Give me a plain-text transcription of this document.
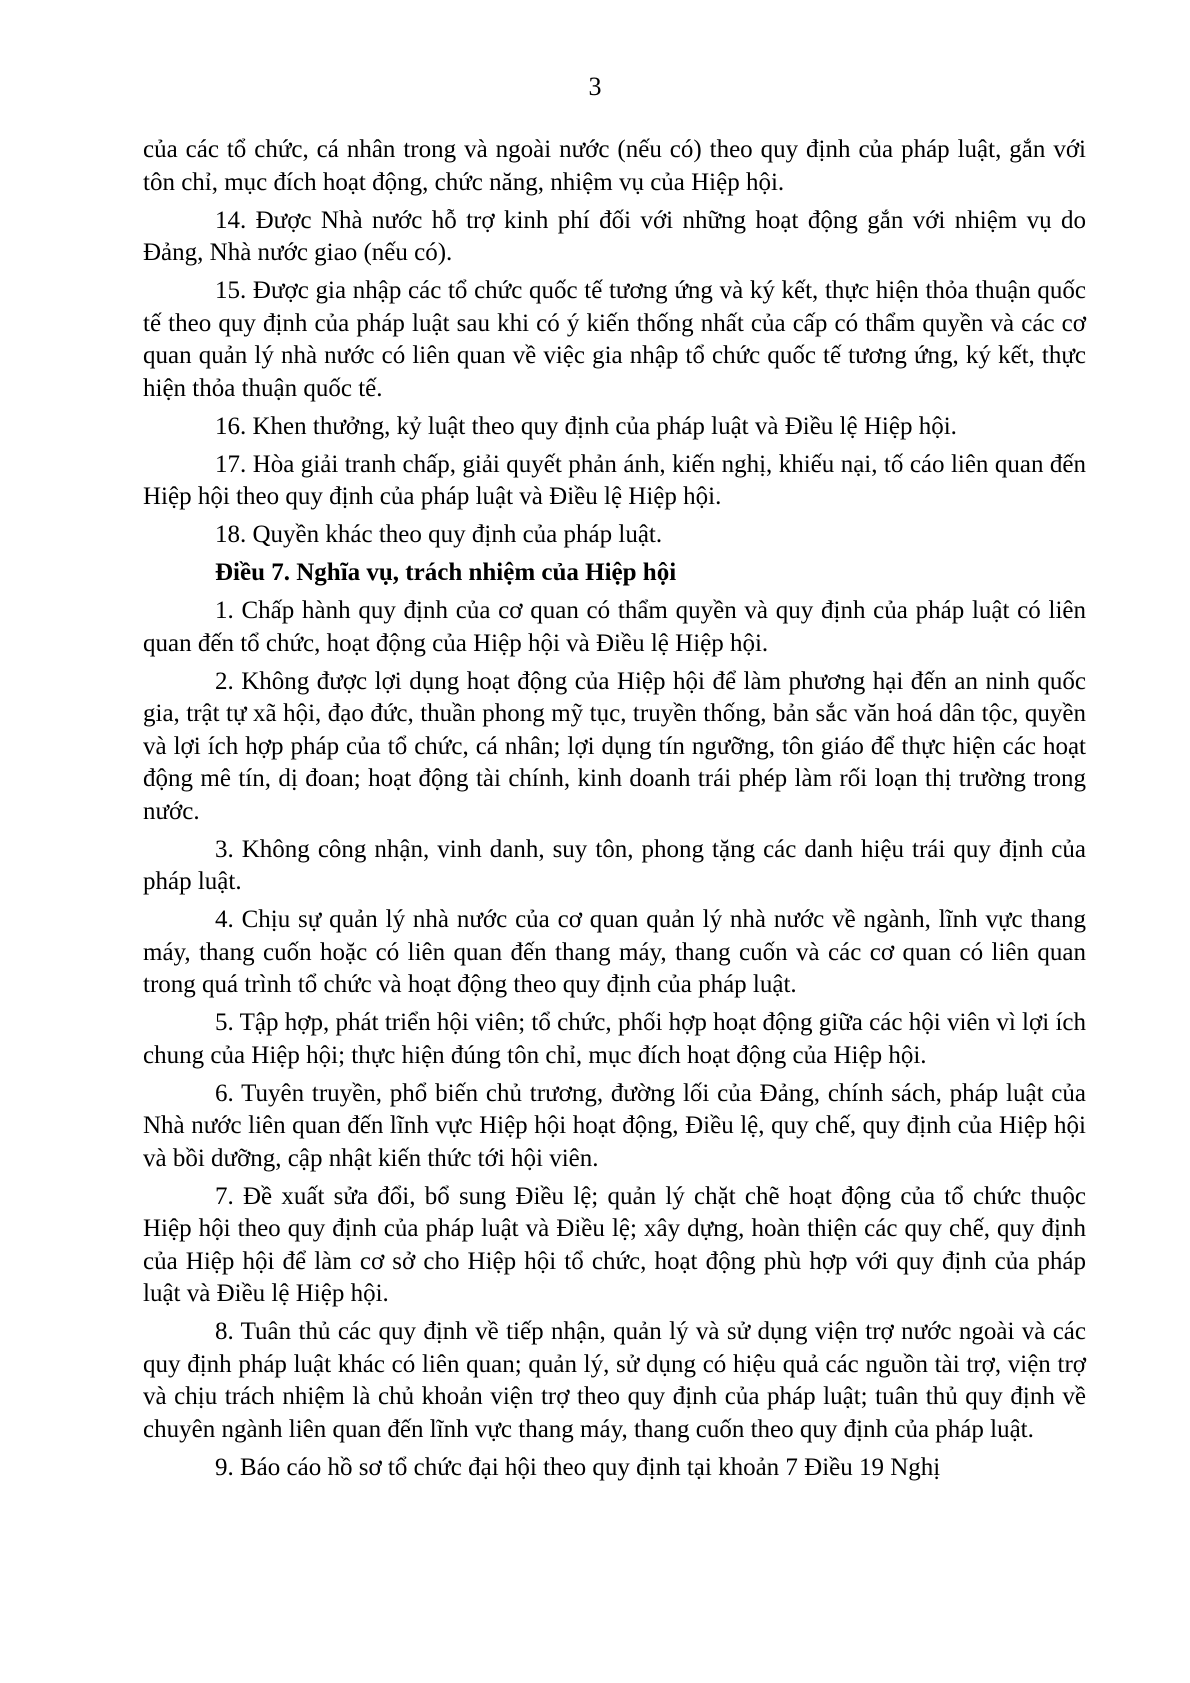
3

của các tổ chức, cá nhân trong và ngoài nước (nếu có) theo quy định của pháp luật, gắn với tôn chỉ, mục đích hoạt động, chức năng, nhiệm vụ của Hiệp hội.

14. Được Nhà nước hỗ trợ kinh phí đối với những hoạt động gắn với nhiệm vụ do Đảng, Nhà nước giao (nếu có).

15. Được gia nhập các tổ chức quốc tế tương ứng và ký kết, thực hiện thỏa thuận quốc tế theo quy định của pháp luật sau khi có ý kiến thống nhất của cấp có thẩm quyền và các cơ quan quản lý nhà nước có liên quan về việc gia nhập tổ chức quốc tế tương ứng, ký kết, thực hiện thỏa thuận quốc tế.

16. Khen thưởng, kỷ luật theo quy định của pháp luật và Điều lệ Hiệp hội.

17. Hòa giải tranh chấp, giải quyết phản ánh, kiến nghị, khiếu nại, tố cáo liên quan đến Hiệp hội theo quy định của pháp luật và Điều lệ Hiệp hội.

18. Quyền khác theo quy định của pháp luật.

Điều 7. Nghĩa vụ, trách nhiệm của Hiệp hội

1. Chấp hành quy định của cơ quan có thẩm quyền và quy định của pháp luật có liên quan đến tổ chức, hoạt động của Hiệp hội và Điều lệ Hiệp hội.

2. Không được lợi dụng hoạt động của Hiệp hội để làm phương hại đến an ninh quốc gia, trật tự xã hội, đạo đức, thuần phong mỹ tục, truyền thống, bản sắc văn hoá dân tộc, quyền và lợi ích hợp pháp của tổ chức, cá nhân; lợi dụng tín ngưỡng, tôn giáo để thực hiện các hoạt động mê tín, dị đoan; hoạt động tài chính, kinh doanh trái phép làm rối loạn thị trường trong nước.

3. Không công nhận, vinh danh, suy tôn, phong tặng các danh hiệu trái quy định của pháp luật.

4. Chịu sự quản lý nhà nước của cơ quan quản lý nhà nước về ngành, lĩnh vực thang máy, thang cuốn hoặc có liên quan đến thang máy, thang cuốn và các cơ quan có liên quan trong quá trình tổ chức và hoạt động theo quy định của pháp luật.

5. Tập hợp, phát triển hội viên; tổ chức, phối hợp hoạt động giữa các hội viên vì lợi ích chung của Hiệp hội; thực hiện đúng tôn chỉ, mục đích hoạt động của Hiệp hội.

6. Tuyên truyền, phổ biến chủ trương, đường lối của Đảng, chính sách, pháp luật của Nhà nước liên quan đến lĩnh vực Hiệp hội hoạt động, Điều lệ, quy chế, quy định của Hiệp hội và bồi dưỡng, cập nhật kiến thức tới hội viên.

7. Đề xuất sửa đổi, bổ sung Điều lệ; quản lý chặt chẽ hoạt động của tổ chức thuộc Hiệp hội theo quy định của pháp luật và Điều lệ; xây dựng, hoàn thiện các quy chế, quy định của Hiệp hội để làm cơ sở cho Hiệp hội tổ chức, hoạt động phù hợp với quy định của pháp luật và Điều lệ Hiệp hội.

8. Tuân thủ các quy định về tiếp nhận, quản lý và sử dụng viện trợ nước ngoài và các quy định pháp luật khác có liên quan; quản lý, sử dụng có hiệu quả các nguồn tài trợ, viện trợ và chịu trách nhiệm là chủ khoản viện trợ theo quy định của pháp luật; tuân thủ quy định về chuyên ngành liên quan đến lĩnh vực thang máy, thang cuốn theo quy định của pháp luật.

9. Báo cáo hồ sơ tổ chức đại hội theo quy định tại khoản 7 Điều 19 Nghị
